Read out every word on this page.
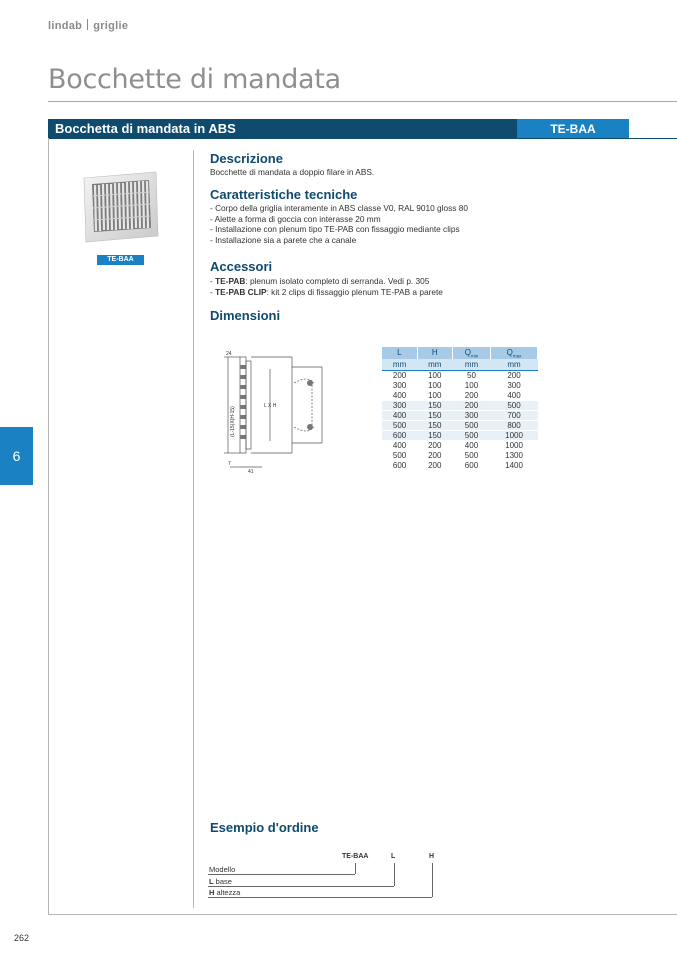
lindab griglie
Bocchette di mandata
Bocchetta di mandata in ABS	TE-BAA
TE-BAA
6
Descrizione
Bocchette di mandata a doppio filare in ABS.
Caratteristiche tecniche
- Corpo della griglia interamente in ABS classe V0, RAL 9010 gloss 80
- Alette a forma di goccia con interasse 20 mm
- Installazione con plenum tipo TE-PAB con fissaggio mediante clips
- Installazione sia a parete che a canale
Accessori
- TE-PAB: plenum isolato completo di serranda. Vedi p. 305
- TE-PAB CLIP: kit 2 clips di fissaggio plenum TE-PAB a parete
Dimensioni
24
(L-15)X(H-15)
L X H
7
41
L	H	$Q_{min}$	$Q_{max}$
mm	mm	mm	mm
200	100	50	200
300	100	100	300
400	100	200	400
300	150	200	500
400	150	300	700
500	150	500	800
600	150	500	1000
400	200	400	1000
500	200	500	1300
600	200	600	1400
Esempio d'ordine
TE-BAA	L	H
Modello
L base
H altezza
262
